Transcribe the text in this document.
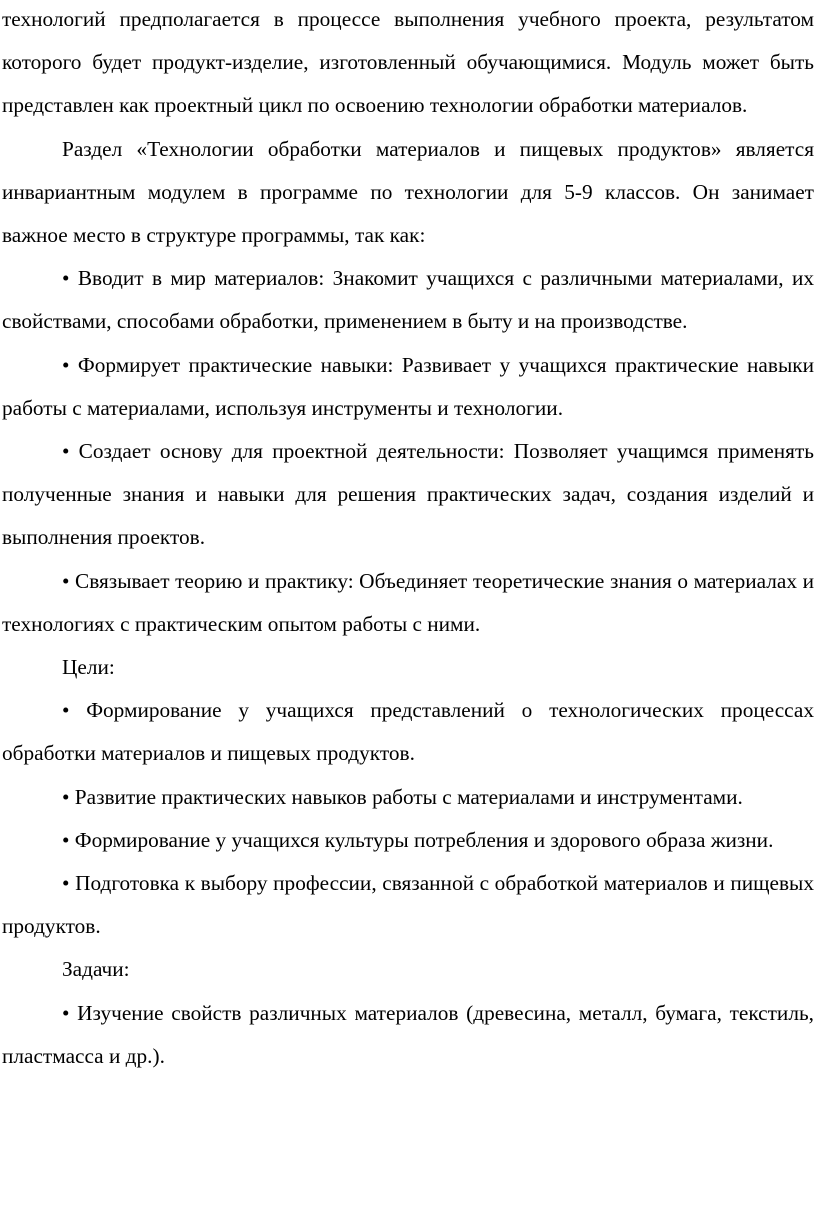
технологий предполагается в процессе выполнения учебного проекта, результатом которого будет продукт-изделие, изготовленный обучающимися. Модуль может быть представлен как проектный цикл по освоению технологии обработки материалов.

Раздел «Технологии обработки материалов и пищевых продуктов» является инвариантным модулем в программе по технологии для 5-9 классов. Он занимает важное место в структуре программы, так как:

• Вводит в мир материалов: Знакомит учащихся с различными материалами, их свойствами, способами обработки, применением в быту и на производстве.

• Формирует практические навыки: Развивает у учащихся практические навыки работы с материалами, используя инструменты и технологии.

• Создает основу для проектной деятельности: Позволяет учащимся применять полученные знания и навыки для решения практических задач, создания изделий и выполнения проектов.

• Связывает теорию и практику: Объединяет теоретические знания о материалах и технологиях с практическим опытом работы с ними.

Цели:

• Формирование у учащихся представлений о технологических процессах обработки материалов и пищевых продуктов.

• Развитие практических навыков работы с материалами и инструментами.

• Формирование у учащихся культуры потребления и здорового образа жизни.

• Подготовка к выбору профессии, связанной с обработкой материалов и пищевых продуктов.

Задачи:

• Изучение свойств различных материалов (древесина, металл, бумага, текстиль, пластмасса и др.).
